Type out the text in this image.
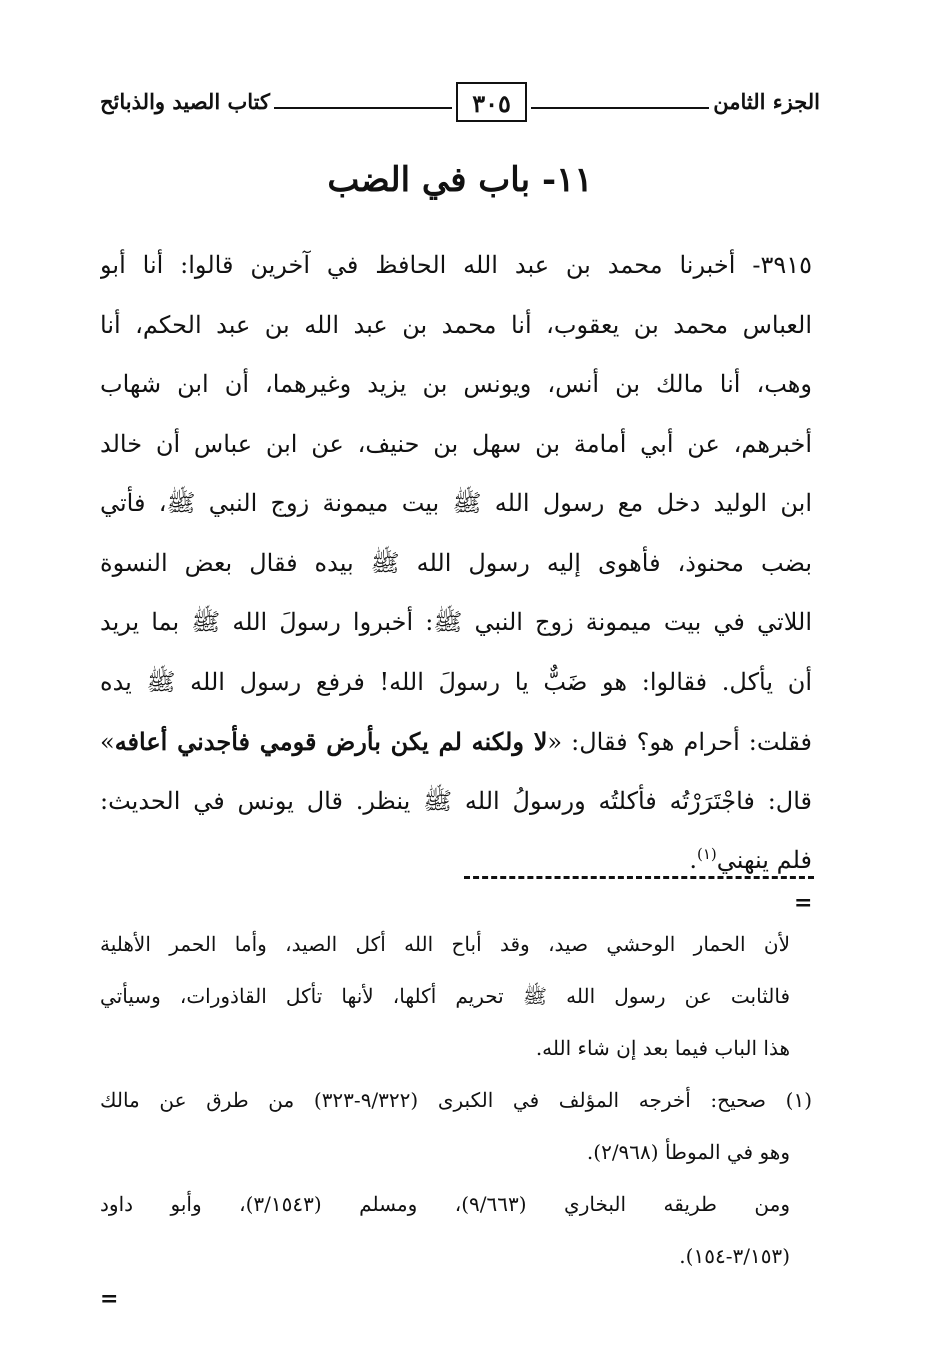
الجزء الثامن
٣٠٥
كتاب الصيد والذبائح
١١- باب في الضب
٣٩١٥- أخبرنا محمد بن عبد الله الحافظ في آخرين قالوا: أنا أبو
العباس محمد بن يعقوب، أنا محمد بن عبد الله بن عبد الحكم، أنا
وهب، أنا مالك بن أنس، ويونس بن يزيد وغيرهما، أن ابن شهاب
أخبرهم، عن أبي أمامة بن سهل بن حنيف، عن ابن عباس أن خالد
ابن الوليد دخل مع رسول الله ﷺ بيت ميمونة زوج النبي ﷺ، فأتي
بضب محنوذ، فأهوى إليه رسول الله ﷺ بيده فقال بعض النسوة
اللاتي في بيت ميمونة زوج النبي ﷺ: أخبروا رسولَ الله ﷺ بما يريد
أن يأكل. فقالوا: هو ضَبٌّ يا رسولَ الله! فرفع رسول الله ﷺ يده
فقلت: أحرام هو؟ فقال: «لا ولكنه لم يكن بأرض قومي فأجدني أعافه»
قال: فاجْتَرَرْتُه فأكلتُه ورسولُ الله ﷺ ينظر. قال يونس في الحديث:
فلم ينهني$^{(١)}$.
=
لأن الحمار الوحشي صيد، وقد أباح الله أكل الصيد، وأما الحمر الأهلية
فالثابت عن رسول الله ﷺ تحريم أكلها، لأنها تأكل القاذورات، وسيأتي
هذا الباب فيما بعد إن شاء الله.
(١) صحيح: أخرجه المؤلف في الكبرى (٩/٣٢٢-٣٢٣) من طرق عن مالك
وهو في الموطأ (٢/٩٦٨).
ومن طريقه البخاري (٩/٦٦٣)، ومسلم (٣/١٥٤٣)، وأبو داود
(٣/١٥٣-١٥٤).
=
